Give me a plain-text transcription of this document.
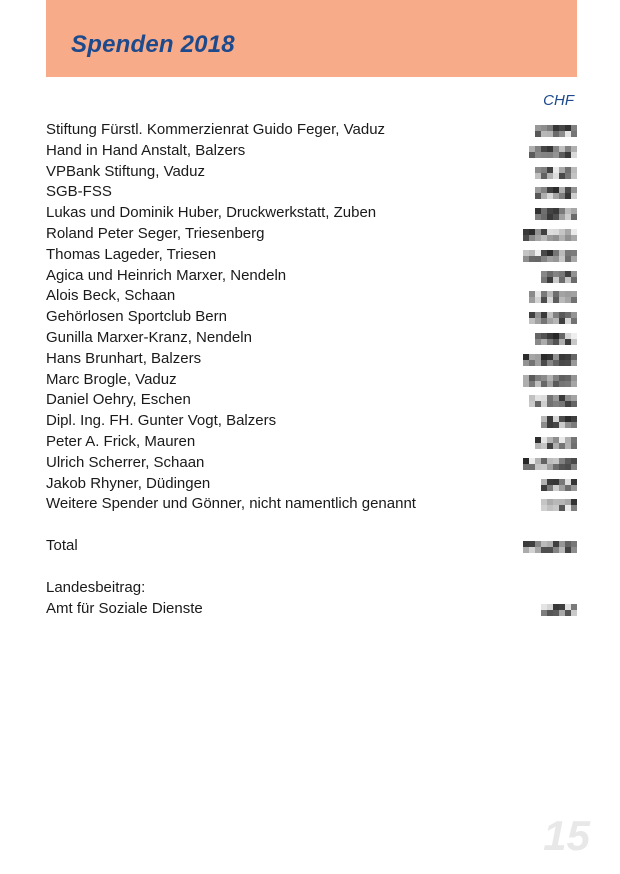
Spenden 2018
CHF
Stiftung Fürstl. Kommerzienrat Guido Feger, Vaduz
Hand in Hand Anstalt, Balzers
VPBank Stiftung, Vaduz
SGB-FSS
Lukas und Dominik Huber, Druckwerkstatt, Zuben
Roland Peter Seger, Triesenberg
Thomas Lageder, Triesen
Agica und Heinrich Marxer, Nendeln
Alois Beck, Schaan
Gehörlosen Sportclub Bern
Gunilla Marxer-Kranz, Nendeln
Hans Brunhart, Balzers
Marc Brogle, Vaduz
Daniel Oehry, Eschen
Dipl. Ing. FH. Gunter Vogt, Balzers
Peter A. Frick, Mauren
Ulrich Scherrer, Schaan
Jakob Rhyner, Düdingen
Weitere Spender und Gönner, nicht namentlich genannt
Total
Landesbeitrag:
Amt für Soziale Dienste
15
